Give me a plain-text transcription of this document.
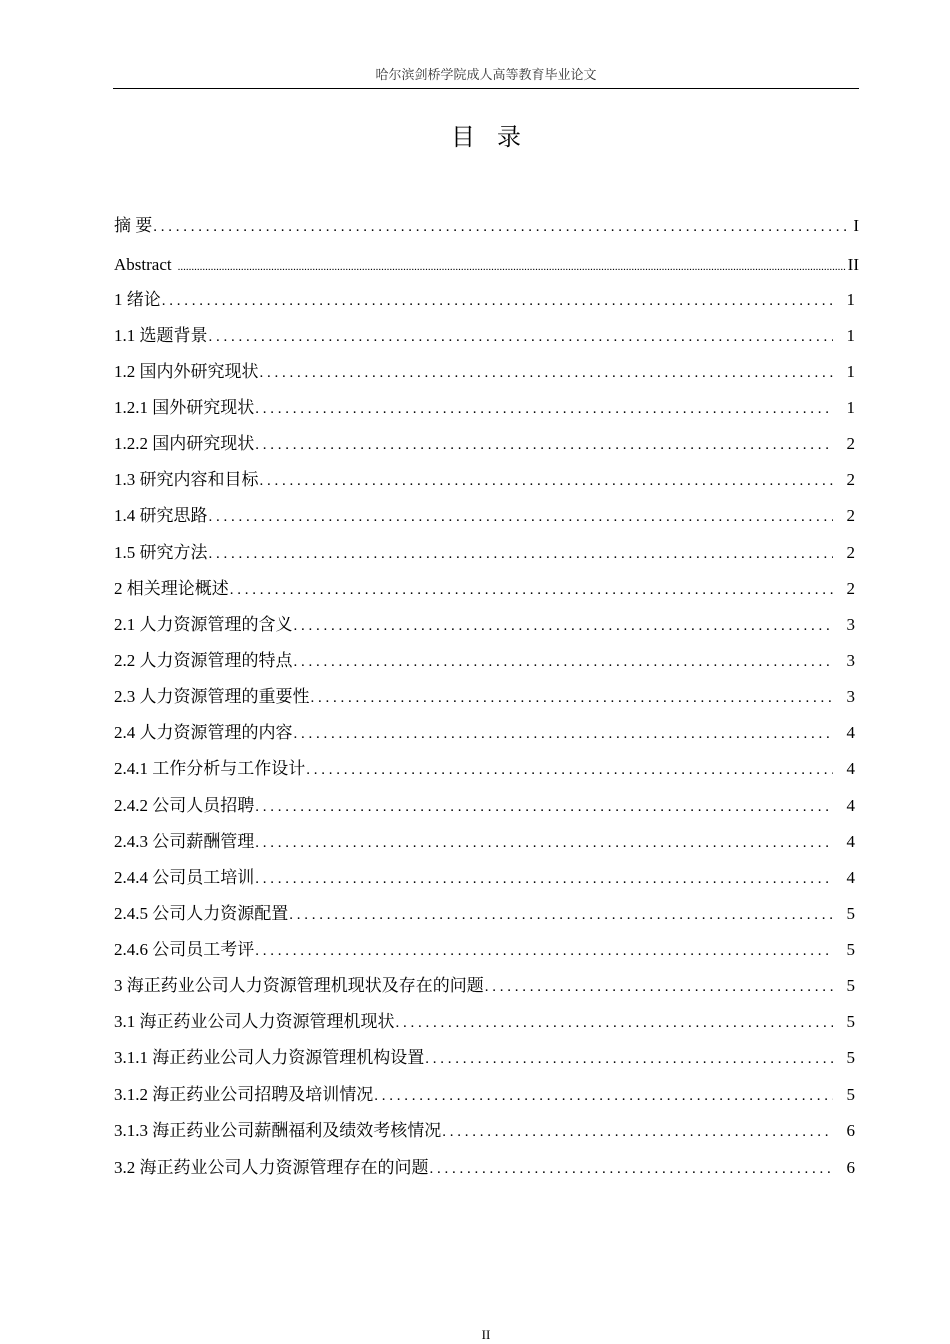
哈尔滨剑桥学院成人高等教育毕业论文
目录
摘 要 . . .	I
Abstract .....	II
1 绪论 . . .	1
1.1 选题背景 . . .	1
1.2 国内外研究现状 . . .	1
1.2.1 国外研究现状 . . .	1
1.2.2 国内研究现状 . . .	2
1.3 研究内容和目标 . . .	2
1.4 研究思路 . . .	2
1.5 研究方法 . . .	2
2 相关理论概述 . . .	2
2.1 人力资源管理的含义 . . .	3
2.2 人力资源管理的特点 . . .	3
2.3 人力资源管理的重要性 . . .	3
2.4 人力资源管理的内容 . . .	4
2.4.1 工作分析与工作设计 . . .	4
2.4.2 公司人员招聘 . . .	4
2.4.3 公司薪酬管理 . . .	4
2.4.4 公司员工培训 . . .	4
2.4.5 公司人力资源配置 . . .	5
2.4.6 公司员工考评 . . .	5
3 海正药业公司人力资源管理机现状及存在的问题 . . .	5
3.1 海正药业公司人力资源管理机现状 . . .	5
3.1.1 海正药业公司人力资源管理机构设置 . . .	5
3.1.2 海正药业公司招聘及培训情况 . . .	5
3.1.3 海正药业公司薪酬福利及绩效考核情况 . . .	6
3.2 海正药业公司人力资源管理存在的问题 . . .	6
II
